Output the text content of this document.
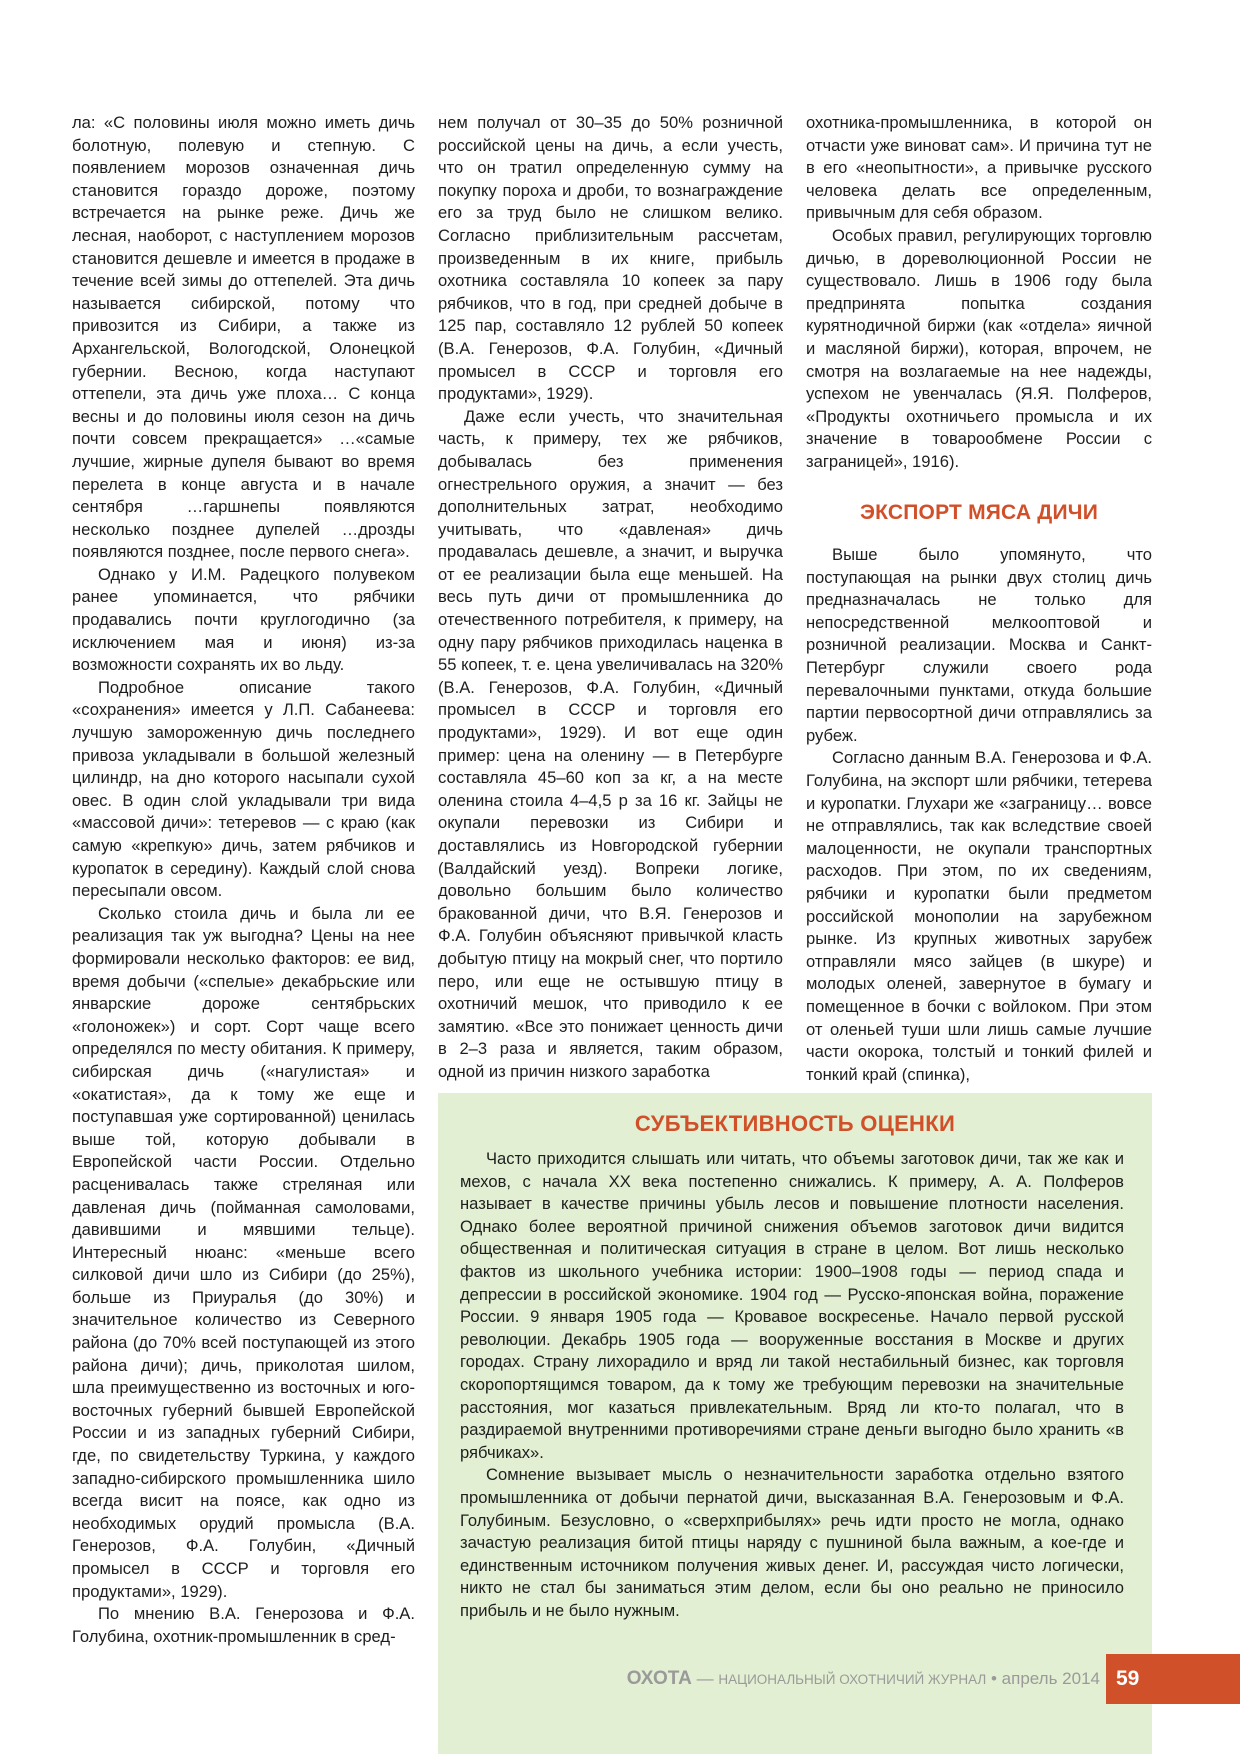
ла: «С половины июля можно иметь дичь болотную, полевую и степную. С появлением морозов означенная дичь становится гораздо дороже, поэтому встречается на рынке реже. Дичь же лесная, наоборот, с наступлением морозов становится дешевле и имеется в продаже в течение всей зимы до оттепелей. Эта дичь называется сибирской, потому что привозится из Сибири, а также из Архангельской, Вологодской, Олонецкой губернии. Весною, когда наступают оттепели, эта дичь уже плоха… С конца весны и до половины июля сезон на дичь почти совсем прекращается» …«самые лучшие, жирные дупеля бывают во время перелета в конце августа и в начале сентября …гаршнепы появляются несколько позднее дупелей …дрозды появляются позднее, после первого снега».

Однако у И.М. Радецкого полувеком ранее упоминается, что рябчики продавались почти круглогодично (за исключением мая и июня) из-за возможности сохранять их во льду.

Подробное описание такого «сохранения» имеется у Л.П. Сабанеева: лучшую замороженную дичь последнего привоза укладывали в большой железный цилиндр, на дно которого насыпали сухой овес. В один слой укладывали три вида «массовой дичи»: тетеревов — с краю (как самую «крепкую» дичь, затем рябчиков и куропаток в середину). Каждый слой снова пересыпали овсом.

Сколько стоила дичь и была ли ее реализация так уж выгодна? Цены на нее формировали несколько факторов: ее вид, время добычи («спелые» декабрьские или январские дороже сентябрьских «голоножек») и сорт. Сорт чаще всего определялся по месту обитания. К примеру, сибирская дичь («нагулистая» и «окатистая», да к тому же еще и поступавшая уже сортированной) ценилась выше той, которую добывали в Европейской части России. Отдельно расценивалась также стреляная или давленая дичь (пойманная самоловами, давившими и мявшими тельце). Интересный нюанс: «меньше всего силковой дичи шло из Сибири (до 25%), больше из Приуралья (до 30%) и значительное количество из Северного района (до 70% всей поступающей из этого района дичи); дичь, приколотая шилом, шла преимущественно из восточных и юго-восточных губерний бывшей Европейской России и из западных губерний Сибири, где, по свидетельству Туркина, у каждого западно-сибирского промышленника шило всегда висит на поясе, как одно из необходимых орудий промысла (В.А. Генерозов, Ф.А. Голубин, «Дичный промысел в СССР и торговля его продуктами», 1929).

По мнению В.А. Генерозова и Ф.А. Голубина, охотник-промышленник в сред-

нем получал от 30–35 до 50% розничной российской цены на дичь, а если учесть, что он тратил определенную сумму на покупку пороха и дроби, то вознаграждение его за труд было не слишком велико. Согласно приблизительным рассчетам, произведенным в их книге, прибыль охотника составляла 10 копеек за пару рябчиков, что в год, при средней добыче в 125 пар, составляло 12 рублей 50 копеек (В.А. Генерозов, Ф.А. Голубин, «Дичный промысел в СССР и торговля его продуктами», 1929).

Даже если учесть, что значительная часть, к примеру, тех же рябчиков, добывалась без применения огнестрельного оружия, а значит — без дополнительных затрат, необходимо учитывать, что «давленая» дичь продавалась дешевле, а значит, и выручка от ее реализации была еще меньшей. На весь путь дичи от промышленника до отечественного потребителя, к примеру, на одну пару рябчиков приходилась наценка в 55 копеек, т. е. цена увеличивалась на 320% (В.А. Генерозов, Ф.А. Голубин, «Дичный промысел в СССР и торговля его продуктами», 1929). И вот еще один пример: цена на оленину — в Петербурге составляла 45–60 коп за кг, а на месте оленина стоила 4–4,5 р за 16 кг. Зайцы не окупали перевозки из Сибири и доставлялись из Новгородской губернии (Валдайский уезд). Вопреки логике, довольно большим было количество бракованной дичи, что В.Я. Генерозов и Ф.А. Голубин объясняют привычкой класть добытую птицу на мокрый снег, что портило перо, или еще не остывшую птицу в охотничий мешок, что приводило к ее замятию. «Все это понижает ценность дичи в 2–3 раза и является, таким образом, одной из причин низкого заработка

охотника-промышленника, в которой он отчасти уже виноват сам». И причина тут не в его «неопытности», а привычке русского человека делать все определенным, привычным для себя образом.

Особых правил, регулирующих торговлю дичью, в дореволюционной России не существовало. Лишь в 1906 году была предпринята попытка создания курятнодичной биржи (как «отдела» яичной и масляной биржи), которая, впрочем, не смотря на возлагаемые на нее надежды, успехом не увенчалась (Я.Я. Полферов, «Продукты охотничьего промысла и их значение в товарообмене России с заграницей», 1916).

ЭКСПОРТ МЯСА ДИЧИ

Выше было упомянуто, что поступающая на рынки двух столиц дичь предназначалась не только для непосредственной мелкооптовой и розничной реализации. Москва и Санкт-Петербург служили своего рода перевалочными пунктами, откуда большие партии первосортной дичи отправлялись за рубеж.

Согласно данным В.А. Генерозова и Ф.А. Голубина, на экспорт шли рябчики, тетерева и куропатки. Глухари же «заграницу… вовсе не отправлялись, так как вследствие своей малоценности, не окупали транспортных расходов. При этом, по их сведениям, рябчики и куропатки были предметом российской монополии на зарубежном рынке. Из крупных животных зарубеж отправляли мясо зайцев (в шкуре) и молодых оленей, завернутое в бумагу и помещенное в бочки с войлоком. При этом от оленьей туши шли лишь самые лучшие части окорока, толстый и тонкий филей и тонкий край (спинка),

СУБЪЕКТИВНОСТЬ ОЦЕНКИ

Часто приходится слышать или читать, что объемы заготовок дичи, так же как и мехов, с начала XX века постепенно снижались. К примеру, А. А. Полферов называет в качестве причины убыль лесов и повышение плотности населения. Однако более вероятной причиной снижения объемов заготовок дичи видится общественная и политическая ситуация в стране в целом. Вот лишь несколько фактов из школьного учебника истории: 1900–1908 годы — период спада и депрессии в российской экономике. 1904 год — Русско-японская война, поражение России. 9 января 1905 года — Кровавое воскресенье. Начало первой русской революции. Декабрь 1905 года — вооруженные восстания в Москве и других городах. Страну лихорадило и вряд ли такой нестабильный бизнес, как торговля скоропортящимся товаром, да к тому же требующим перевозки на значительные расстояния, мог казаться привлекательным. Вряд ли кто-то полагал, что в раздираемой внутренними противоречиями стране деньги выгодно было хранить «в рябчиках».

Сомнение вызывает мысль о незначительности заработка отдельно взятого промышленника от добычи пернатой дичи, высказанная В.А. Генерозовым и Ф.А. Голубиным. Безусловно, о «сверхприбылях» речь идти просто не могла, однако зачастую реализация битой птицы наряду с пушниной была важным, а кое-где и единственным источником получения живых денег. И, рассуждая чисто логически, никто не стал бы заниматься этим делом, если бы оно реально не приносило прибыль и не было нужным.

ОХОТА — НАЦИОНАЛЬНЫЙ ОХОТНИЧИЙ ЖУРНАЛ • апрель 2014 59
